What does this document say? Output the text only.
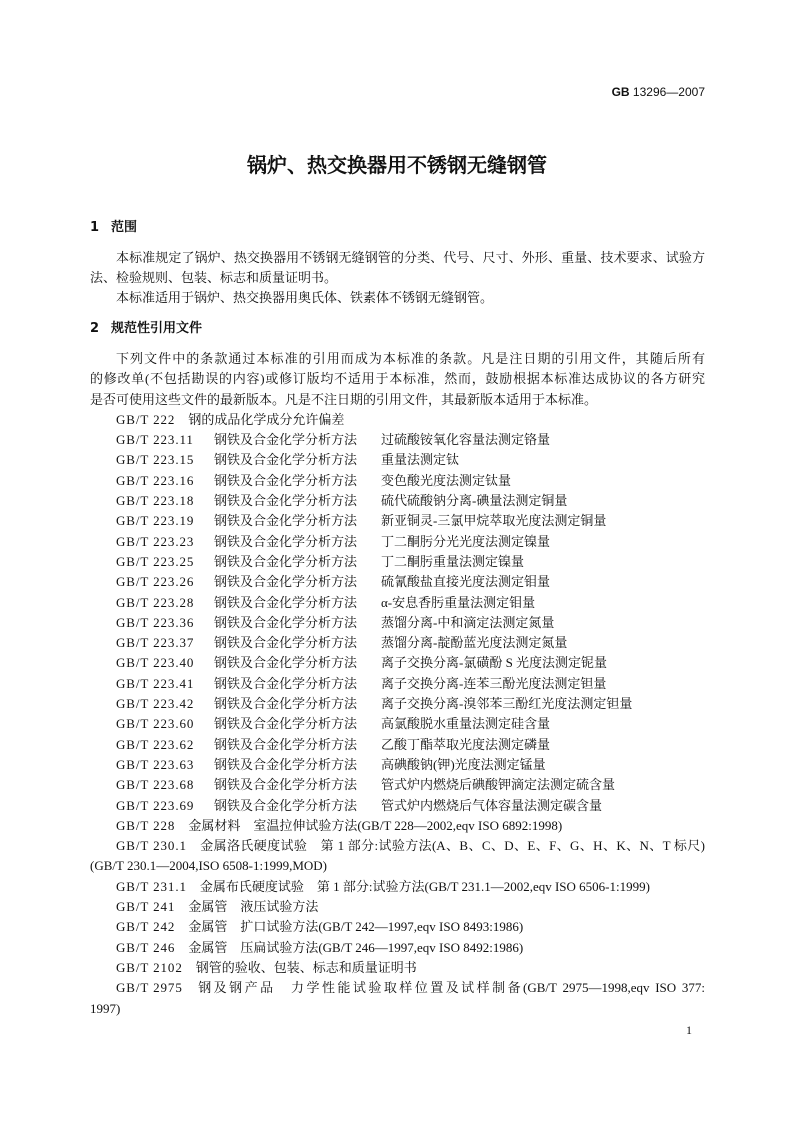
GB 13296—2007
锅炉、热交换器用不锈钢无缝钢管
1 范围
本标准规定了锅炉、热交换器用不锈钢无缝钢管的分类、代号、尺寸、外形、重量、技术要求、试验方
法、检验规则、包装、标志和质量证明书。
本标准适用于锅炉、热交换器用奥氏体、铁素体不锈钢无缝钢管。
2 规范性引用文件
下列文件中的条款通过本标准的引用而成为本标准的条款。凡是注日期的引用文件，其随后所有
的修改单(不包括勘误的内容)或修订版均不适用于本标准，然而，鼓励根据本标准达成协议的各方研究
是否可使用这些文件的最新版本。凡是不注日期的引用文件，其最新版本适用于本标准。
GB/T 222 钢的成品化学成分允许偏差
GB/T 223.11 钢铁及合金化学分析方法 过硫酸铵氧化容量法测定铬量
GB/T 223.15 钢铁及合金化学分析方法 重量法测定钛
GB/T 223.16 钢铁及合金化学分析方法 变色酸光度法测定钛量
GB/T 223.18 钢铁及合金化学分析方法 硫代硫酸钠分离-碘量法测定铜量
GB/T 223.19 钢铁及合金化学分析方法 新亚铜灵-三氯甲烷萃取光度法测定铜量
GB/T 223.23 钢铁及合金化学分析方法 丁二酮肟分光光度法测定镍量
GB/T 223.25 钢铁及合金化学分析方法 丁二酮肟重量法测定镍量
GB/T 223.26 钢铁及合金化学分析方法 硫氰酸盐直接光度法测定钼量
GB/T 223.28 钢铁及合金化学分析方法 α-安息香肟重量法测定钼量
GB/T 223.36 钢铁及合金化学分析方法 蒸馏分离-中和滴定法测定氮量
GB/T 223.37 钢铁及合金化学分析方法 蒸馏分离-靛酚蓝光度法测定氮量
GB/T 223.40 钢铁及合金化学分析方法 离子交换分离-氯磺酚 S 光度法测定铌量
GB/T 223.41 钢铁及合金化学分析方法 离子交换分离-连苯三酚光度法测定钽量
GB/T 223.42 钢铁及合金化学分析方法 离子交换分离-溴邻苯三酚红光度法测定钽量
GB/T 223.60 钢铁及合金化学分析方法 高氯酸脱水重量法测定硅含量
GB/T 223.62 钢铁及合金化学分析方法 乙酸丁酯萃取光度法测定磷量
GB/T 223.63 钢铁及合金化学分析方法 高碘酸钠(钾)光度法测定锰量
GB/T 223.68 钢铁及合金化学分析方法 管式炉内燃烧后碘酸钾滴定法测定硫含量
GB/T 223.69 钢铁及合金化学分析方法 管式炉内燃烧后气体容量法测定碳含量
GB/T 228 金属材料　室温拉伸试验方法(GB/T 228—2002,eqv ISO 6892:1998)
GB/T 230.1 金属洛氏硬度试验　第 1 部分:试验方法(A、B、C、D、E、F、G、H、K、N、T 标尺)
(GB/T 230.1—2004,ISO 6508-1:1999,MOD)
GB/T 231.1 金属布氏硬度试验　第 1 部分:试验方法(GB/T 231.1—2002,eqv ISO 6506-1:1999)
GB/T 241 金属管　液压试验方法
GB/T 242 金属管　扩口试验方法(GB/T 242—1997,eqv ISO 8493:1986)
GB/T 246 金属管　压扁试验方法(GB/T 246—1997,eqv ISO 8492:1986)
GB/T 2102 钢管的验收、包装、标志和质量证明书
GB/T 2975 钢及钢产品　力学性能试验取样位置及试样制备(GB/T 2975—1998,eqv ISO 377:
1997)
1
